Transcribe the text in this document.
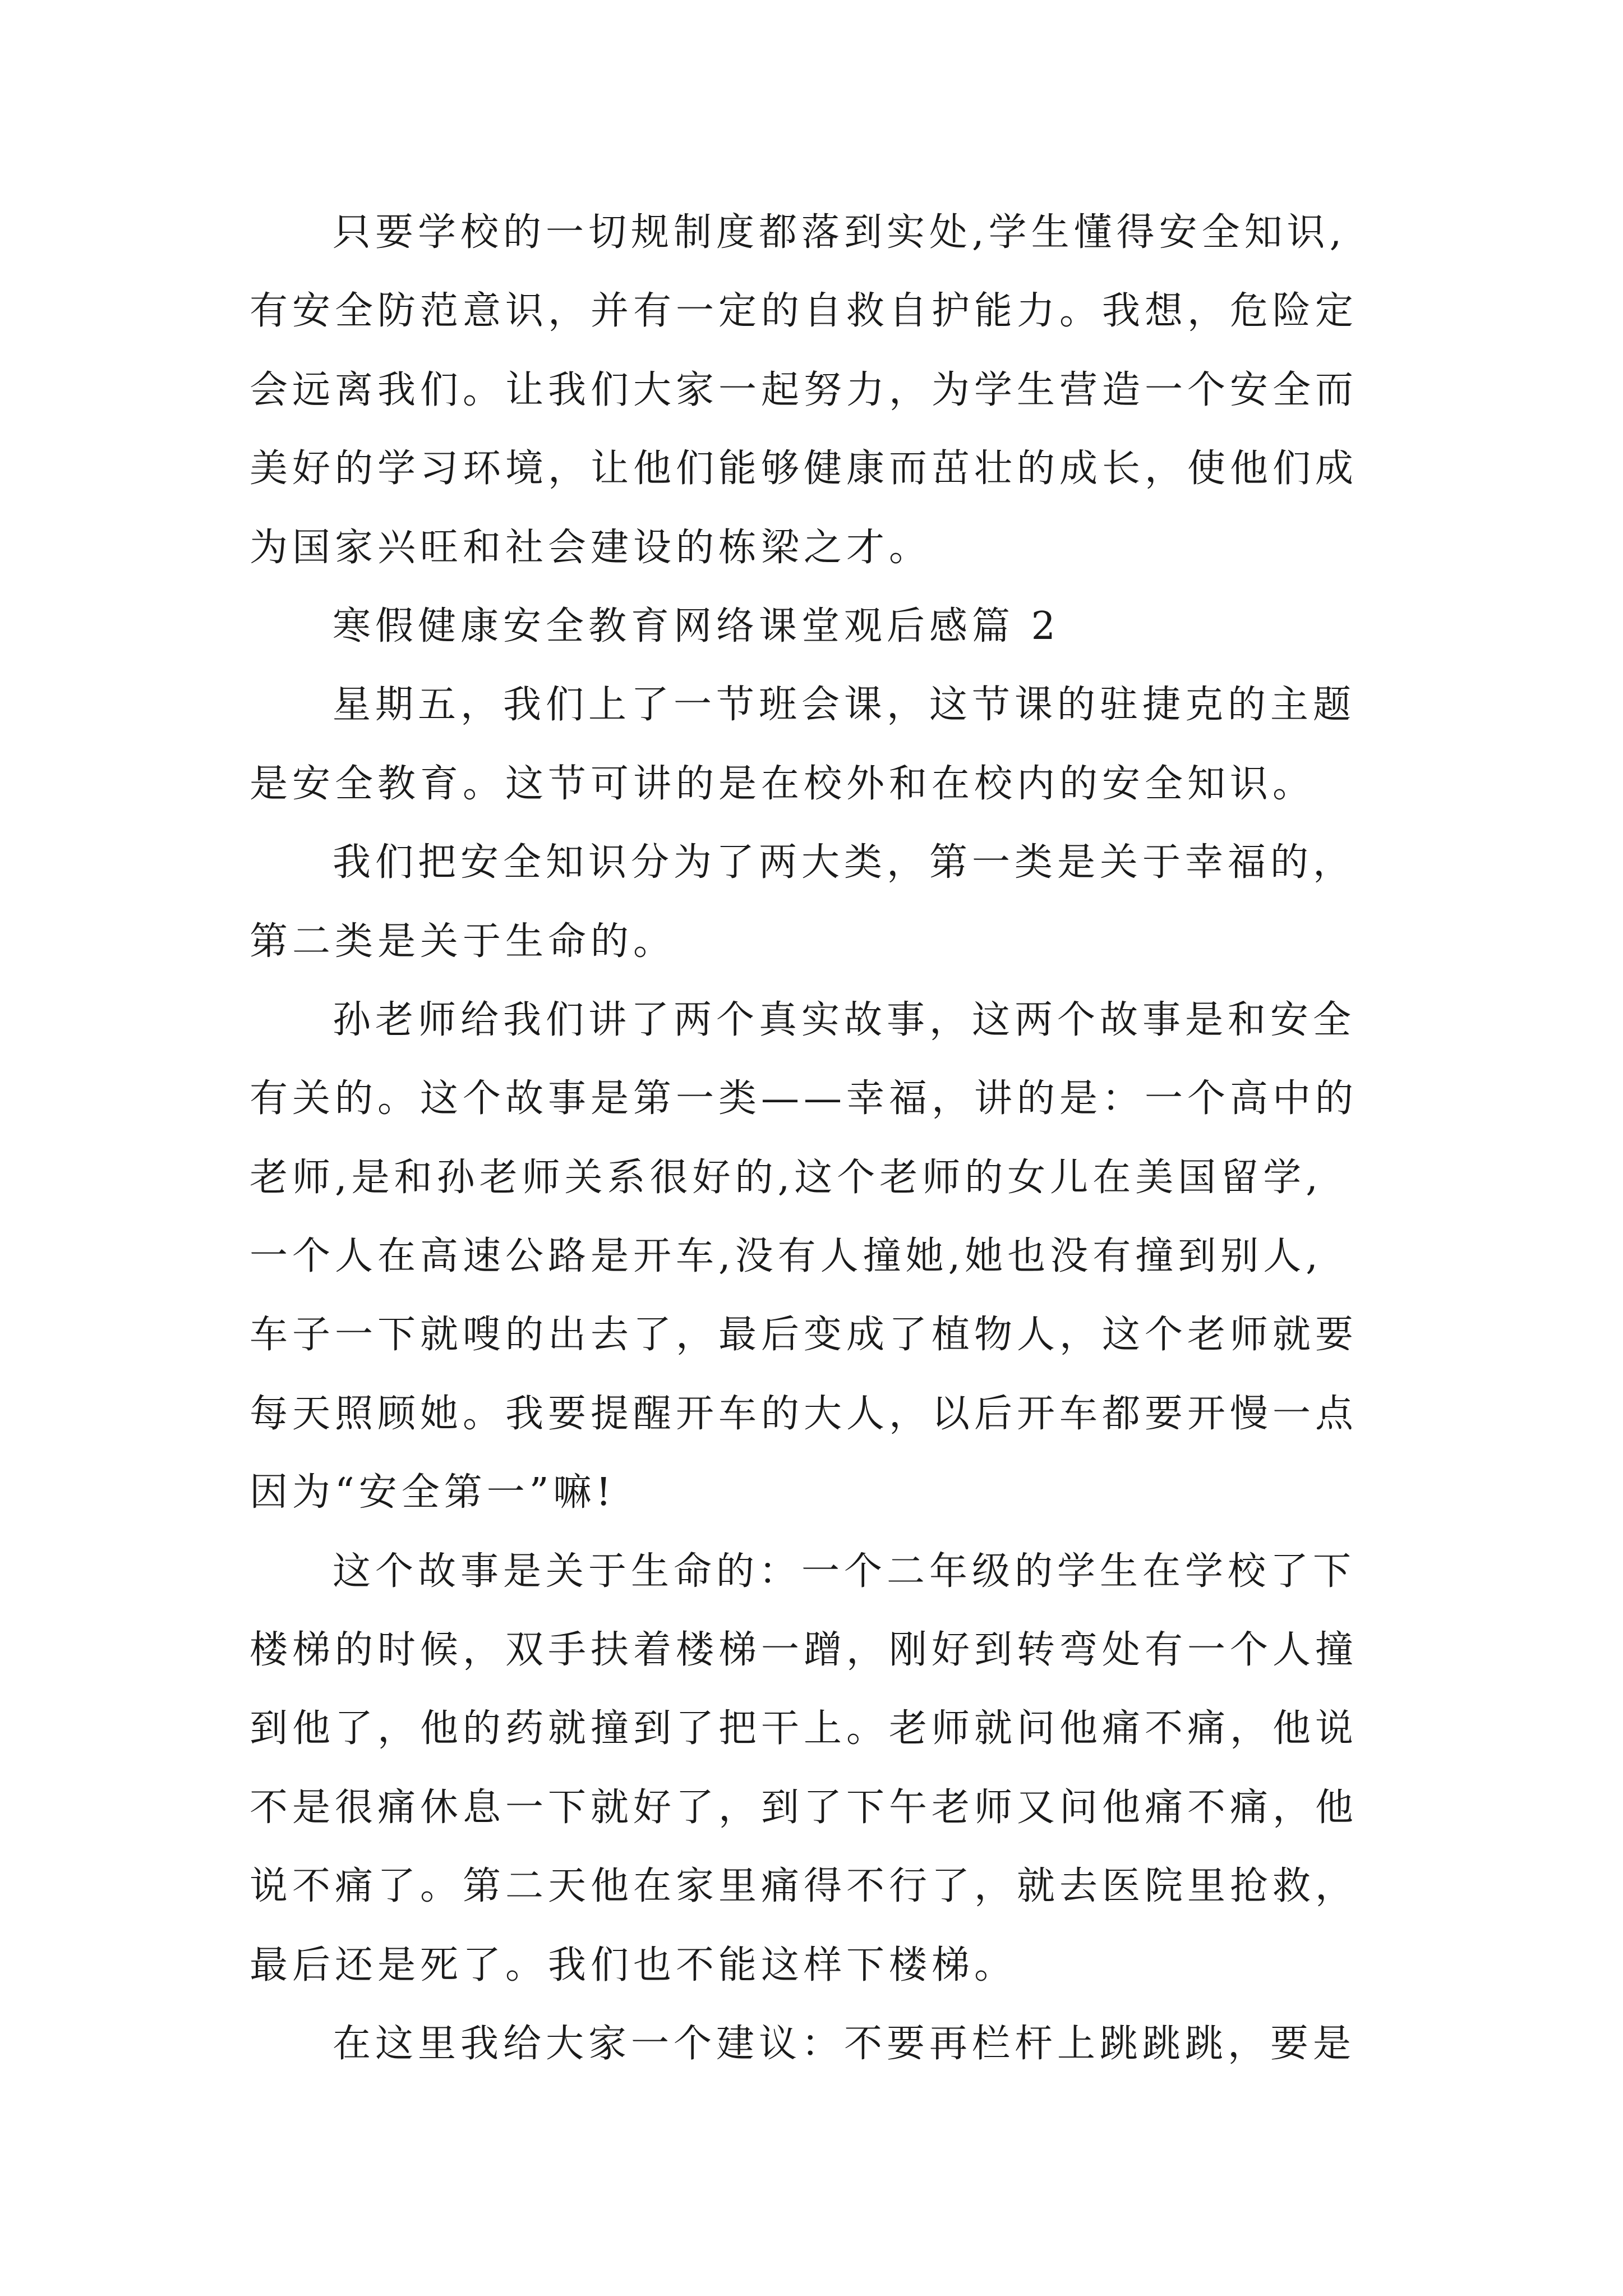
只要学校的一切规制度都落到实处,学生懂得安全知识,
有安全防范意识，并有一定的自救自护能力。我想，危险定
会远离我们。让我们大家一起努力，为学生营造一个安全而
美好的学习环境，让他们能够健康而茁壮的成长，使他们成
为国家兴旺和社会建设的栋梁之才。
寒假健康安全教育网络课堂观后感篇 2
星期五，我们上了一节班会课，这节课的驻捷克的主题
是安全教育。这节可讲的是在校外和在校内的安全知识。
我们把安全知识分为了两大类，第一类是关于幸福的，
第二类是关于生命的。
孙老师给我们讲了两个真实故事，这两个故事是和安全
有关的。这个故事是第一类——幸福，讲的是：一个高中的
老师,是和孙老师关系很好的,这个老师的女儿在美国留学,
一个人在高速公路是开车,没有人撞她,她也没有撞到别人,
车子一下就嗖的出去了，最后变成了植物人，这个老师就要
每天照顾她。我要提醒开车的大人，以后开车都要开慢一点
因为“安全第一”嘛!
这个故事是关于生命的：一个二年级的学生在学校了下
楼梯的时候，双手扶着楼梯一蹭，刚好到转弯处有一个人撞
到他了，他的药就撞到了把干上。老师就问他痛不痛，他说
不是很痛休息一下就好了，到了下午老师又问他痛不痛，他
说不痛了。第二天他在家里痛得不行了，就去医院里抢救，
最后还是死了。我们也不能这样下楼梯。
在这里我给大家一个建议：不要再栏杆上跳跳跳，要是
